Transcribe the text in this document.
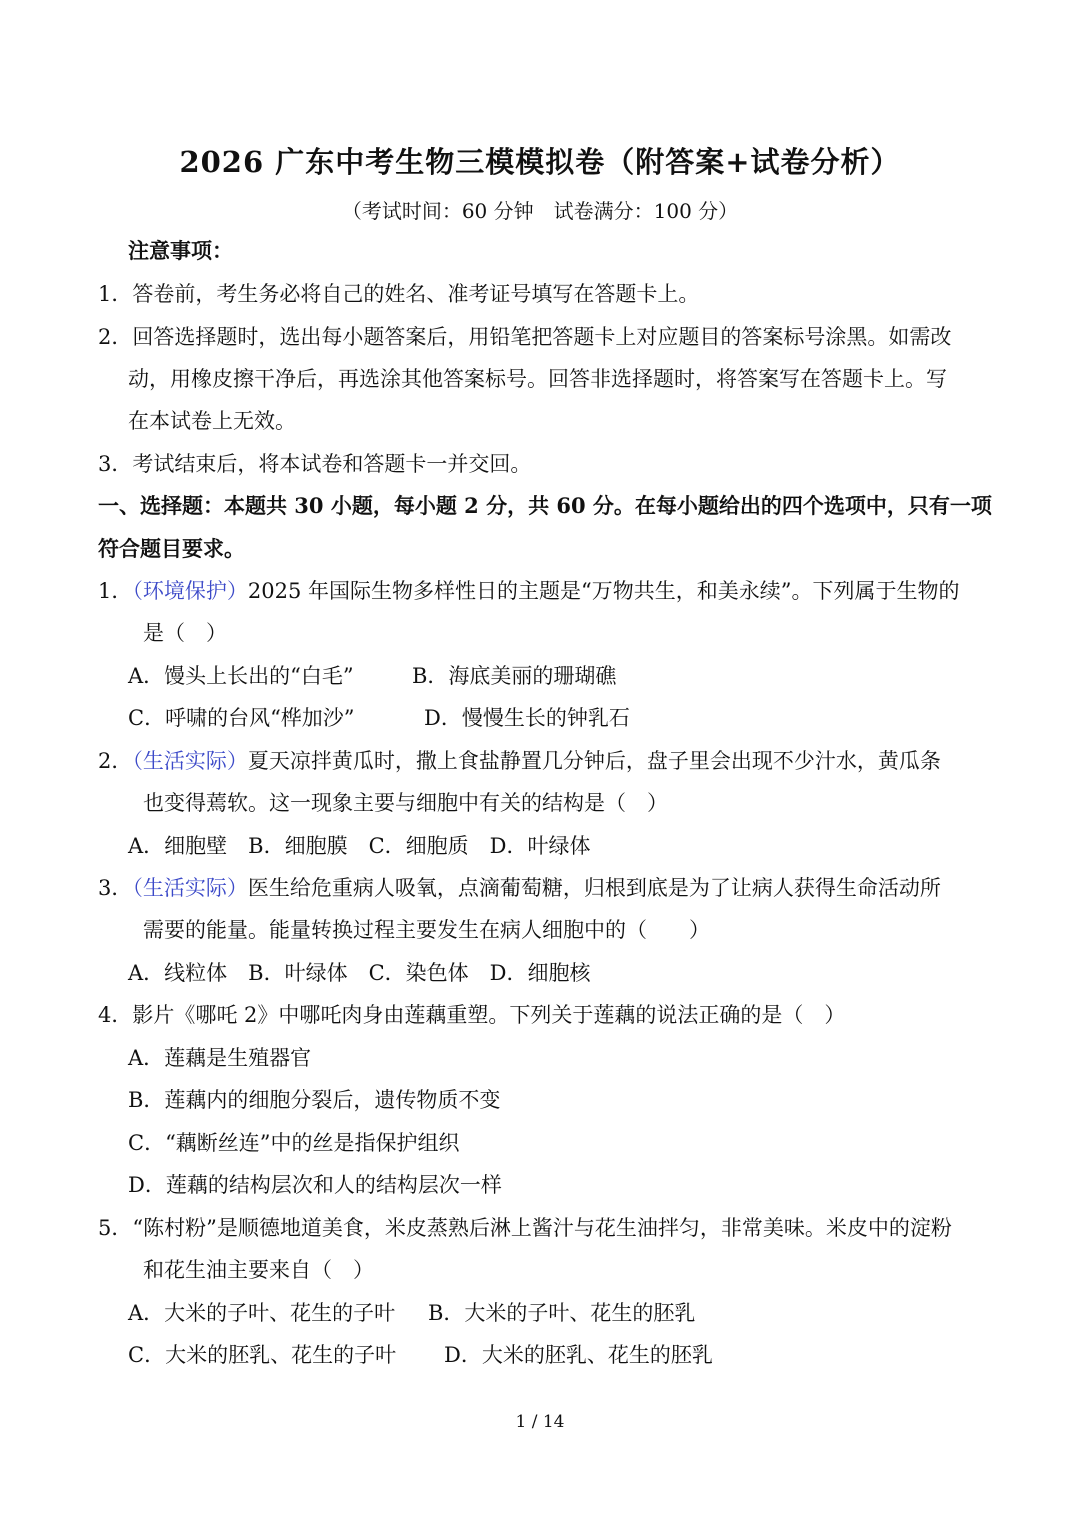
2026 广东中考生物三模模拟卷（附答案+试卷分析）
（考试时间：60 分钟　试卷满分：100 分）
注意事项：
1．答卷前，考生务必将自己的姓名、准考证号填写在答题卡上。
2．回答选择题时，选出每小题答案后，用铅笔把答题卡上对应题目的答案标号涂黑。如需改
动，用橡皮擦干净后，再选涂其他答案标号。回答非选择题时，将答案写在答题卡上。写
在本试卷上无效。
3．考试结束后，将本试卷和答题卡一并交回。
一、选择题：本题共 30 小题，每小题 2 分，共 60 分。在每小题给出的四个选项中，只有一项
符合题目要求。
1．（环境保护）2025 年国际生物多样性日的主题是“万物共生，和美永续”。下列属于生物的
是（　）
A．馒头上长出的“白毛”	B．海底美丽的珊瑚礁
C．呼啸的台风“桦加沙”	D．慢慢生长的钟乳石
2．（生活实际）夏天凉拌黄瓜时，撒上食盐静置几分钟后，盘子里会出现不少汁水，黄瓜条
也变得蔫软。这一现象主要与细胞中有关的结构是（　）
A．细胞壁　B．细胞膜　C．细胞质　D．叶绿体
3．（生活实际）医生给危重病人吸氧，点滴葡萄糖，归根到底是为了让病人获得生命活动所
需要的能量。能量转换过程主要发生在病人细胞中的（　　）
A．线粒体　B．叶绿体　C．染色体　D．细胞核
4．影片《哪吒 2》中哪吒肉身由莲藕重塑。下列关于莲藕的说法正确的是（　）
A．莲藕是生殖器官
B．莲藕内的细胞分裂后，遗传物质不变
C．“藕断丝连”中的丝是指保护组织
D．莲藕的结构层次和人的结构层次一样
5．“陈村粉”是顺德地道美食，米皮蒸熟后淋上酱汁与花生油拌匀，非常美味。米皮中的淀粉
和花生油主要来自（　）
A．大米的子叶、花生的子叶 B．大米的子叶、花生的胚乳
C．大米的胚乳、花生的子叶 D．大米的胚乳、花生的胚乳
1 / 14
